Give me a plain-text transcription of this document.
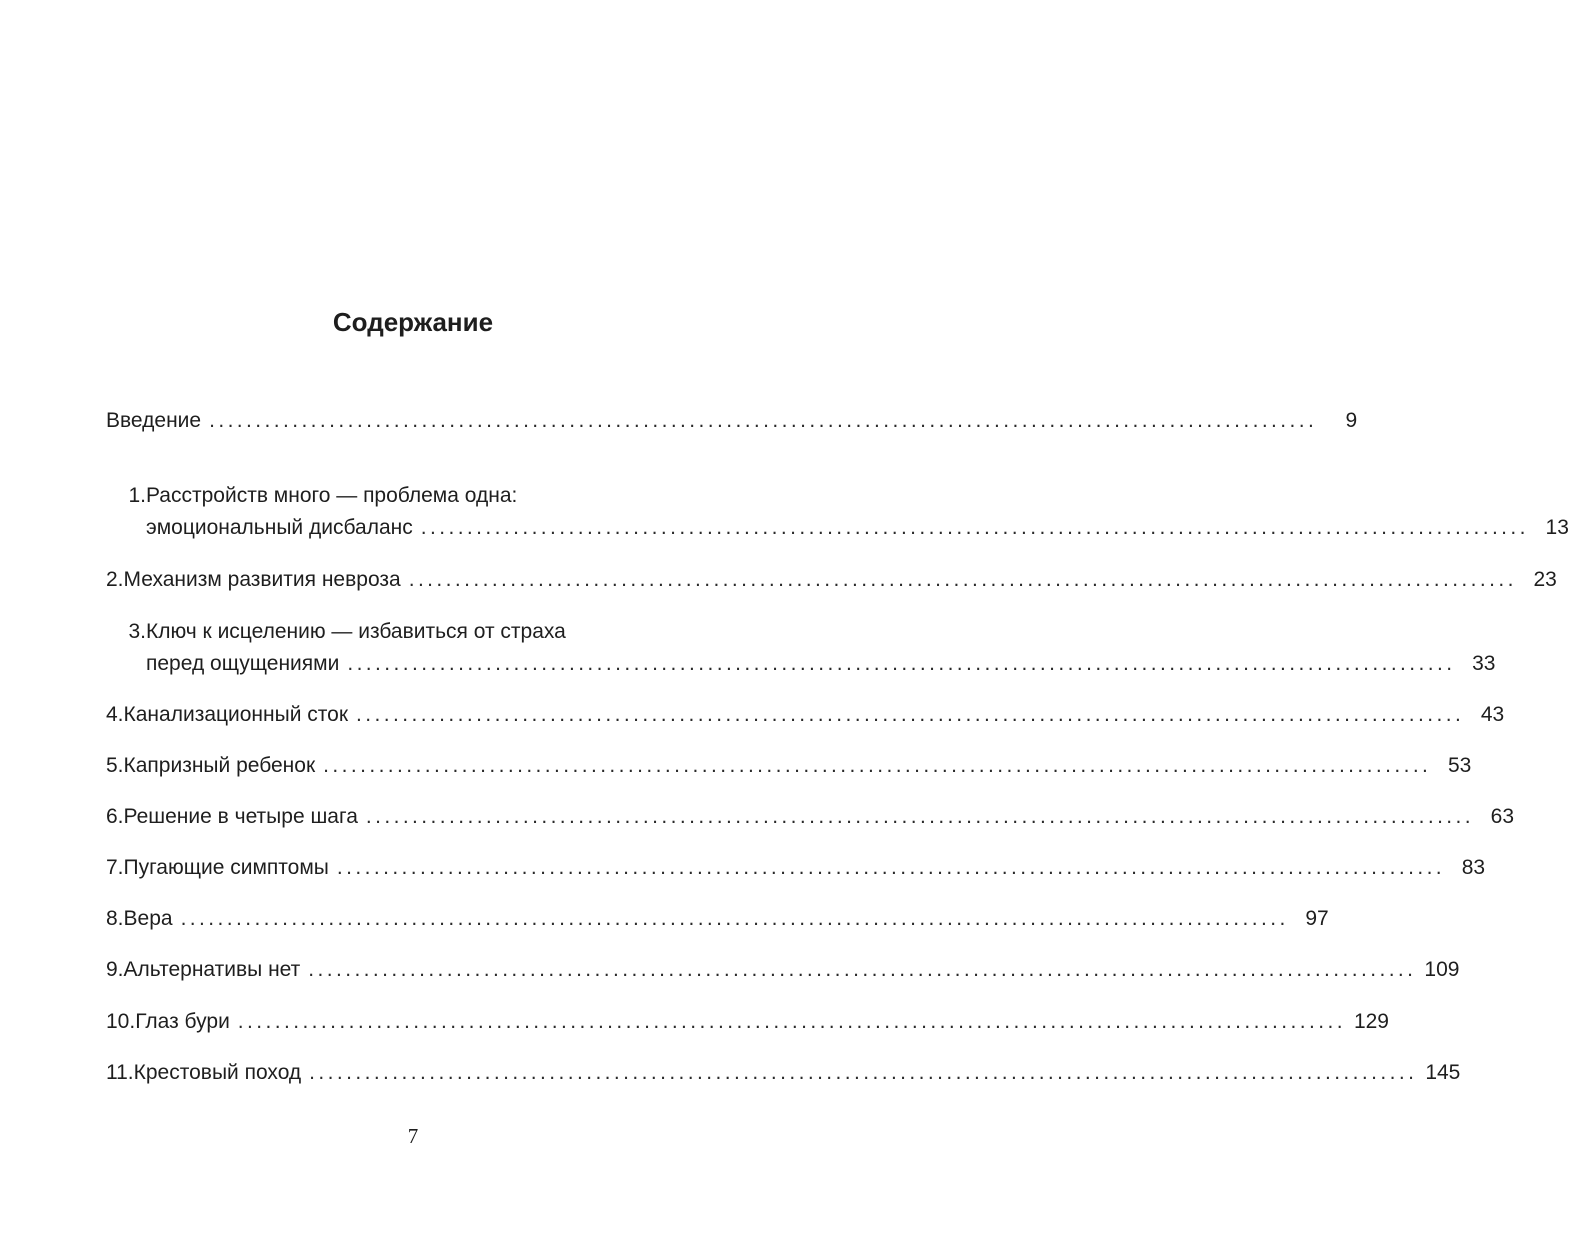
Содержание
Введение ........................................................................................................................	9
1. Расстройств много — проблема одна:
эмоциональный дисбаланс ........................................................................................................................ 13
2. Механизм развития невроза ........................................................................................................................ 23
3. Ключ к исцелению — избавиться от страха
перед ощущениями ........................................................................................................................ 33
4. Канализационный сток ........................................................................................................................ 43
5. Капризный ребенок ........................................................................................................................ 53
6. Решение в четыре шага ........................................................................................................................ 63
7. Пугающие симптомы ........................................................................................................................ 83
8. Вера ........................................................................................................................ 97
9. Альтернативы нет ........................................................................................................................ 109
10. Глаз бури ........................................................................................................................ 129
11. Крестовый поход ........................................................................................................................ 145
7
